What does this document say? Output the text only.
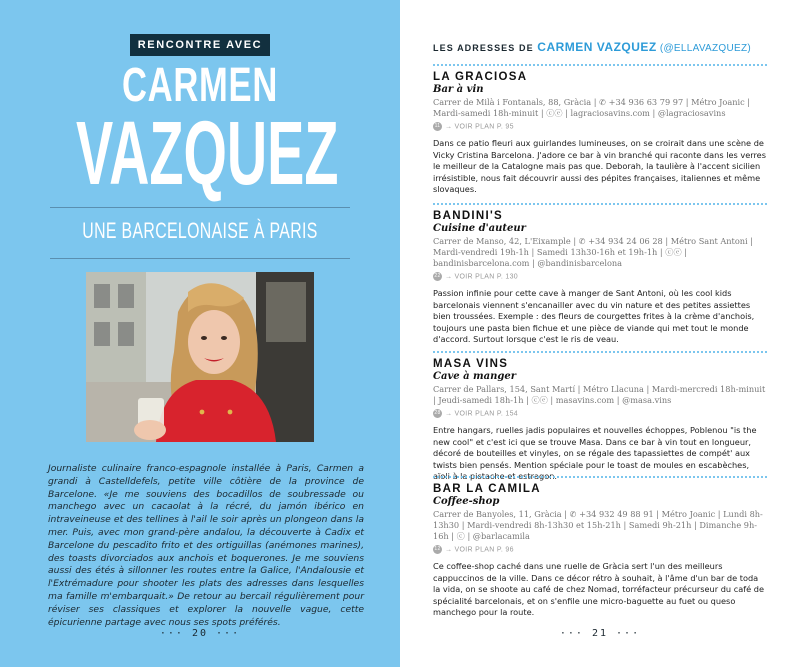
RENCONTRE AVEC
CARMEN
VAZQUEZ
UNE BARCELONAISE À PARIS
Journaliste culinaire franco-espagnole installée à Paris, Carmen a grandi à Castelldefels, petite ville côtière de la province de Barcelone. «Je me souviens des bocadillos de soubressade ou manchego avec un cacaolat à la récré, du jamón ibérico en intraveineuse et des tellines à l'ail le soir après un plongeon dans la mer. Puis, avec mon grand-père andalou, la découverte à Cadix et Barcelone du pescadito frito et des ortiguillas (anémones marines), des toasts divorciados aux anchois et boquerones. Je me souviens aussi des étés à sillonner les routes entre la Galice, l'Andalousie et l'Extrémadure pour shooter les plats des adresses dans lesquelles ma famille m'embarquait.» De retour au bercail régulièrement pour réviser ses classiques et explorer la nouvelle vague, cette épicurienne partage avec nous ses spots préférés.
··· 20 ···
LES ADRESSES DE CARMEN VAZQUEZ (@ELLAVAZQUEZ)
LA GRACIOSA
Bar à vin
Carrer de Milà i Fontanals, 88, Gràcia | ✆ +34 936 63 79 97 | Métro Joanic | Mardi-samedi 18h-minuit | ⓒⓔ | lagraciosavins.com | @lagraciosavins
11 → VOIR PLAN P. 95
Dans ce patio fleuri aux guirlandes lumineuses, on se croirait dans une scène de Vicky Cristina Barcelona. J'adore ce bar à vin branché qui raconte dans les verres le meilleur de la Catalogne mais pas que. Deborah, la taulière à l'accent sicilien irrésistible, nous fait découvrir aussi des pépites françaises, italiennes et même slovaques.
BANDINI'S
Cuisine d'auteur
Carrer de Manso, 42, L'Eixample | ✆ +34 934 24 06 28 | Métro Sant Antoni | Mardi-vendredi 19h-1h | Samedi 13h30-16h et 19h-1h | ⓒⓔ | bandinisbarcelona.com | @bandinisbarcelona
22 → VOIR PLAN P. 130
Passion infinie pour cette cave à manger de Sant Antoni, où les cool kids barcelonais viennent s'encanailler avec du vin nature et des petites assiettes bien troussées. Exemple : des fleurs de courgettes frites à la crème d'anchois, toujours une pasta bien fichue et une pièce de viande qui met tout le monde d'accord. Surtout lorsque c'est le ris de veau.
MASA VINS
Cave à manger
Carrer de Pallars, 154, Sant Martí | Métro Llacuna | Mardi-mercredi 18h-minuit | Jeudi-samedi 18h-1h | ⓒⓔ | masavins.com | @masa.vins
28 → VOIR PLAN P. 154
Entre hangars, ruelles jadis populaires et nouvelles échoppes, Poblenou "is the new cool" et c'est ici que se trouve Masa. Dans ce bar à vin tout en longueur, décoré de bouteilles et vinyles, on se régale des tapassiettes de compét' aux twists bien pensés. Mention spéciale pour le toast de moules en escabèches, aïoli à la pistache et estragon.
BAR LA CAMILA
Coffee-shop
Carrer de Banyoles, 11, Gràcia | ✆ +34 932 49 88 91 | Métro Joanic | Lundi 8h-13h30 | Mardi-vendredi 8h-13h30 et 15h-21h | Samedi 9h-21h | Dimanche 9h-16h | ⓒ | @barlacamila
12 → VOIR PLAN P. 96
Ce coffee-shop caché dans une ruelle de Gràcia sert l'un des meilleurs cappuccinos de la ville. Dans ce décor rétro à souhait, à l'âme d'un bar de toda la vida, on se shoote au café de chez Nomad, torréfacteur précurseur du café de spécialité barcelonais, et on s'enfile une micro-baguette au fuet ou queso manchego pour la route.
··· 21 ···
